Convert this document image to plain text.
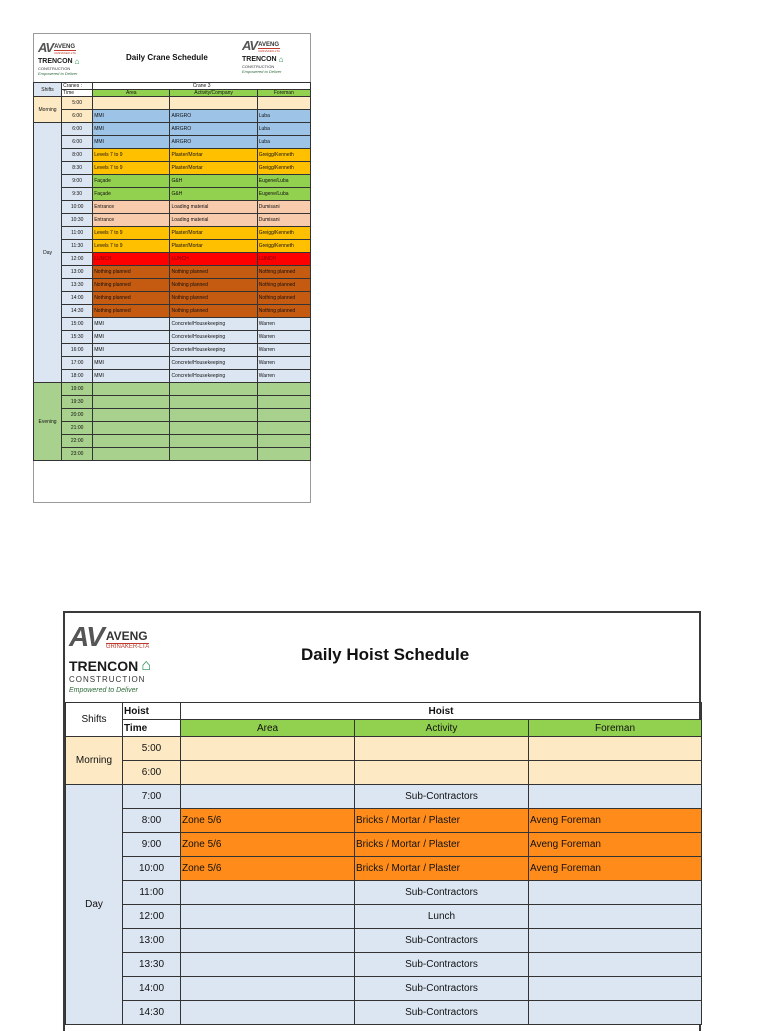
AV AVENG
GRINAKER-LTA
TRENCON ⌂
CONSTRUCTION
Empowered to Deliver
Daily Crane Schedule
AV AVENG
GRINAKER-LTA
TRENCON ⌂
CONSTRUCTION
Empowered to Deliver
Shifts	Cranes :	Crane 3		
	Time	Area	Activity/Company	Foreman
Morning	5:00			
	6:00	MMI	AIRGRO	Luba
Day	6:00	MMI	AIRGRO	Luba
	6:00	MMI	AIRGRO	Luba
	8:00	Levels 7 to 9	Plaster/Mortar	Greigg/Kenneth
	8:30	Levels 7 to 9	Plaster/Mortar	Greigg/Kenneth
	9:00	Façade	G&H	Eugene/Luba
	9:30	Façade	G&H	Eugene/Luba
	10:00	Entrance	Loading material	Dumisani
	10:30	Entrance	Loading material	Dumisani
	11:00	Levels 7 to 9	Plaster/Mortar	Greigg/Kenneth
	11:30	Levels 7 to 9	Plaster/Mortar	Greigg/Kenneth
	12:00	LUNCH	LUNCH	LUNCH
	13:00	Nothing planned	Nothing planned	Nothing planned
	13:30	Nothing planned	Nothing planned	Nothing planned
	14:00	Nothing planned	Nothing planned	Nothing planned
	14:30	Nothing planned	Nothing planned	Nothing planned
	15:00	MMI	Concrete/Housekeeping	Warren
	15:30	MMI	Concrete/Housekeeping	Warren
	16:00	MMI	Concrete/Housekeeping	Warren
	17:00	MMI	Concrete/Housekeeping	Warren
	18:00	MMI	Concrete/Housekeeping	Warren
Evening	19:00			
	19:30			
	20:00			
	21:00			
	22:00			
	23:00			

AV AVENG
GRINAKER-LTA
TRENCON ⌂
CONSTRUCTION
Empowered to Deliver
Daily Hoist Schedule
Shifts	Hoist	Hoist		
	Time	Area	Activity	Foreman
Morning	5:00			
	6:00			
Day	7:00		Sub-Contractors	
	8:00	Zone 5/6	Bricks / Mortar / Plaster	Aveng Foreman
	9:00	Zone 5/6	Bricks / Mortar / Plaster	Aveng Foreman
	10:00	Zone 5/6	Bricks / Mortar / Plaster	Aveng Foreman
	11:00		Sub-Contractors	
	12:00		Lunch	
	13:00		Sub-Contractors	
	13:30		Sub-Contractors	
	14:00		Sub-Contractors	
	14:30		Sub-Contractors	
